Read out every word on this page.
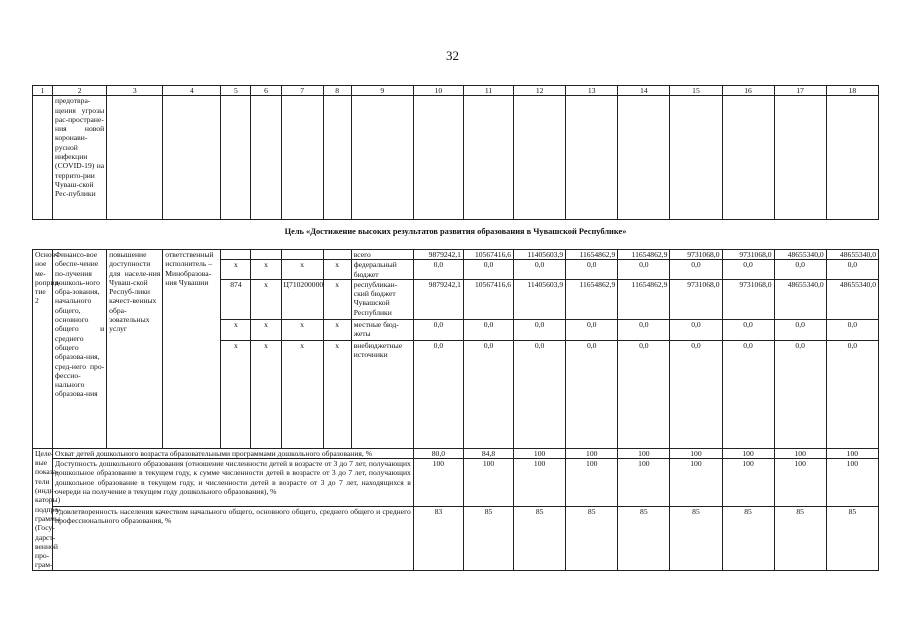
32
1	2	3	4	5	6	7	8	9	10	11	12	13	14	15	16	17	18
	предотвра-щения угрозы рас-простране-ния новой коронави-русной инфекции (COVID-19) на террито-рии Чуваш-ской Рес-публики																
Цель «Достижение высоких результатов развития образования в Чувашской Республике»
Основ-ное ме-роприя-тие 2	Финансо-вое обеспе-чение по-лучения дошколь-ного обра-зования, начального общего, основного общего и среднего общего образова-ния, сред-него про-фессио-нального образова-ния	повышение доступности для населе-ния Чуваш-ской Респуб-лики качест-венных обра-зовательных услуг	ответственный исполнитель – Минобразова-ния Чувашии					всего	9879242,1	10567416,6	11405603,9	11654862,9	11654862,9	9731068,0	9731068,0	48655340,0	48655340,0
				x	x	x	x	федеральный бюджет	0,0	0,0	0,0	0,0	0,0	0,0	0,0	0,0	0,0
				874	x	Ц710200000	x	республикан-ский бюджет Чувашской Республики	9879242,1	10567416,6	11405603,9	11654862,9	11654862,9	9731068,0	9731068,0	48655340,0	48655340,0
				x	x	x	x	местные бюд-жеты	0,0	0,0	0,0	0,0	0,0	0,0	0,0	0,0	0,0
				x	x	x	x	внебюджетные источники	0,0	0,0	0,0	0,0	0,0	0,0	0,0	0,0	0,0
Целе-вые показа-тели (инди-каторы) подпро-граммы (Госу-дарст-венной про-грам-	Охват детей дошкольного возраста образовательными программами дошкольного образования, %								80,0	84,8	100	100	100	100	100	100	100
	Доступность дошкольного образования (отношение численности детей в возрасте от 3 до 7 лет, получающих дошкольное образование в текущем году, к сумме численности детей в возрасте от 3 до 7 лет, получающих дошкольное образование в текущем году, и численности детей в возрасте от 3 до 7 лет, находящихся в очереди на получение в текущем году дошкольного образования), %								100	100	100	100	100	100	100	100	100
	Удовлетворенность населения качеством начального общего, основного общего, среднего общего и среднего профессионального образования, %								83	85	85	85	85	85	85	85	85
